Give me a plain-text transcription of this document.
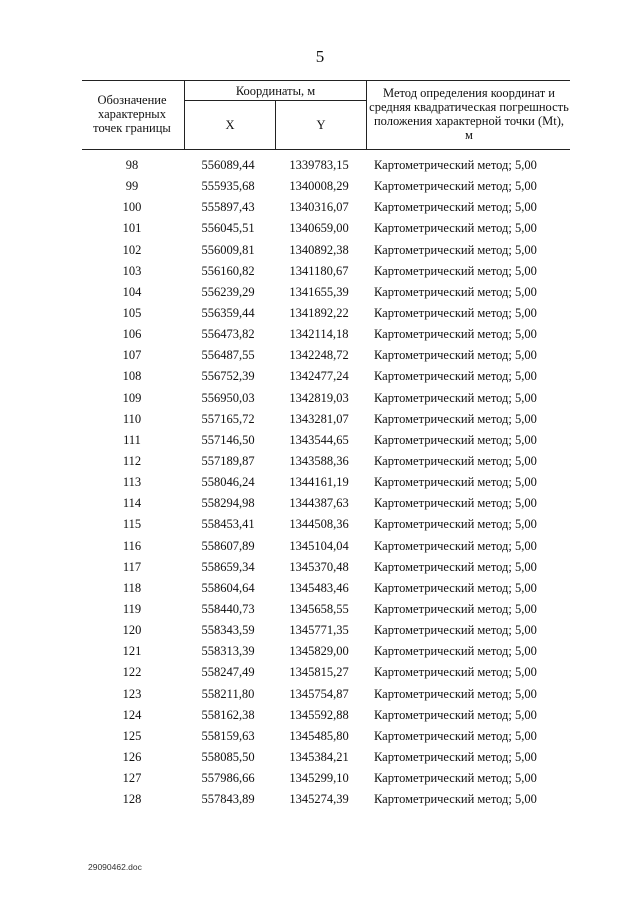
5
Обозначение характерных точек границы
Координаты, м
X	Y
Метод определения координат и средняя квадратическая погрешность положения характерной точки (Мt), м
98	556089,44	1339783,15	Картометрический метод; 5,00
99	555935,68	1340008,29	Картометрический метод; 5,00
100	555897,43	1340316,07	Картометрический метод; 5,00
101	556045,51	1340659,00	Картометрический метод; 5,00
102	556009,81	1340892,38	Картометрический метод; 5,00
103	556160,82	1341180,67	Картометрический метод; 5,00
104	556239,29	1341655,39	Картометрический метод; 5,00
105	556359,44	1341892,22	Картометрический метод; 5,00
106	556473,82	1342114,18	Картометрический метод; 5,00
107	556487,55	1342248,72	Картометрический метод; 5,00
108	556752,39	1342477,24	Картометрический метод; 5,00
109	556950,03	1342819,03	Картометрический метод; 5,00
110	557165,72	1343281,07	Картометрический метод; 5,00
111	557146,50	1343544,65	Картометрический метод; 5,00
112	557189,87	1343588,36	Картометрический метод; 5,00
113	558046,24	1344161,19	Картометрический метод; 5,00
114	558294,98	1344387,63	Картометрический метод; 5,00
115	558453,41	1344508,36	Картометрический метод; 5,00
116	558607,89	1345104,04	Картометрический метод; 5,00
117	558659,34	1345370,48	Картометрический метод; 5,00
118	558604,64	1345483,46	Картометрический метод; 5,00
119	558440,73	1345658,55	Картометрический метод; 5,00
120	558343,59	1345771,35	Картометрический метод; 5,00
121	558313,39	1345829,00	Картометрический метод; 5,00
122	558247,49	1345815,27	Картометрический метод; 5,00
123	558211,80	1345754,87	Картометрический метод; 5,00
124	558162,38	1345592,88	Картометрический метод; 5,00
125	558159,63	1345485,80	Картометрический метод; 5,00
126	558085,50	1345384,21	Картометрический метод; 5,00
127	557986,66	1345299,10	Картометрический метод; 5,00
128	557843,89	1345274,39	Картометрический метод; 5,00
29090462.doc
